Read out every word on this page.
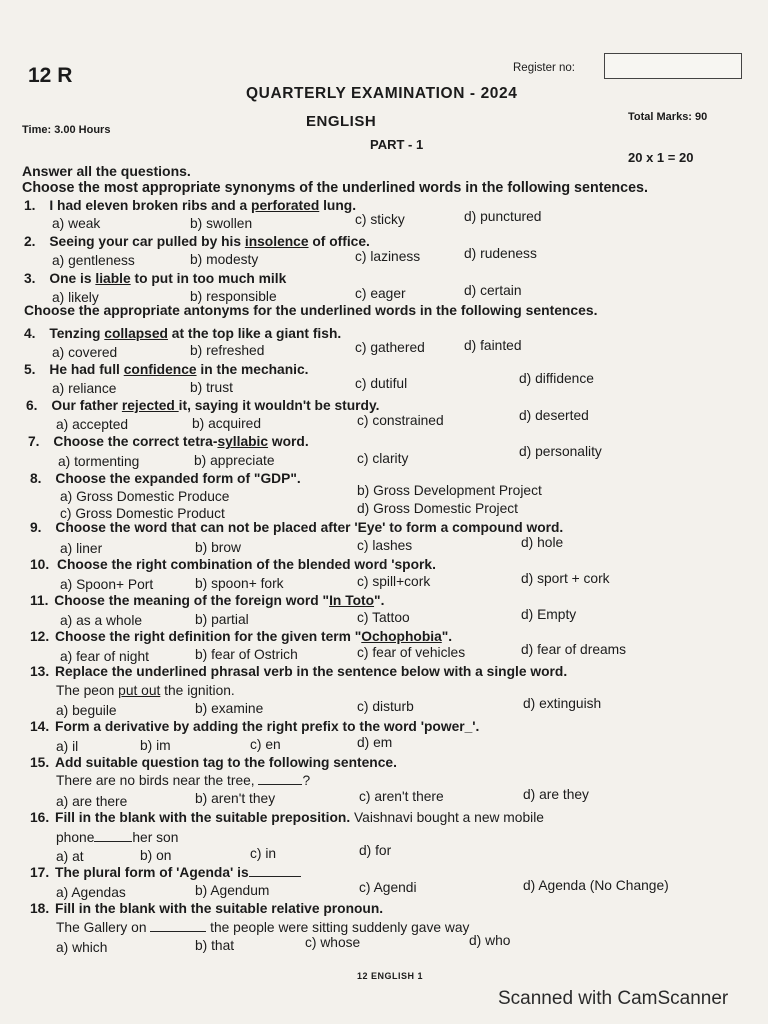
12 R	Register no:
QUARTERLY EXAMINATION - 2024
Time: 3.00 Hours	ENGLISH	Total Marks: 90
PART - 1
20 x 1 = 20
Answer all the questions.
Choose the most appropriate synonyms of the underlined words in the following sentences.
1. I had eleven broken ribs and a perforated lung.
a) weak	b) swollen	c) sticky	d) punctured
2. Seeing your car pulled by his insolence of office.
a) gentleness	b) modesty	c) laziness	d) rudeness
3. One is liable to put in too much milk
a) likely	b) responsible	c) eager	d) certain
Choose the appropriate antonyms for the underlined words in the following sentences.
4. Tenzing collapsed at the top like a giant fish.
a) covered	b) refreshed	c) gathered	d) fainted
5. He had full confidence in the mechanic.
a) reliance	b) trust	c) dutiful	d) diffidence
6. Our father rejected it, saying it wouldn't be sturdy.
a) accepted	b) acquired	c) constrained	d) deserted
7. Choose the correct tetra-syllabic word.
a) tormenting	b) appreciate	c) clarity	d) personality
8. Choose the expanded form of "GDP".
a) Gross Domestic Produce	b) Gross Development Project
c) Gross Domestic Product	d) Gross Domestic Project
9. Choose the word that can not be placed after 'Eye' to form a compound word.
a) liner	b) brow	c) lashes	d) hole
10. Choose the right combination of the blended word 'spork.
a) Spoon+ Port	b) spoon+ fork	c) spill+cork	d) sport + cork
11. Choose the meaning of the foreign word "In Toto".
a) as a whole	b) partial	c) Tattoo	d) Empty
12. Choose the right definition for the given term "Ochophobia".
a) fear of night	b) fear of Ostrich	c) fear of vehicles	d) fear of dreams
13. Replace the underlined phrasal verb in the sentence below with a single word.
The peon put out the ignition.
a) beguile	b) examine	c) disturb	d) extinguish
14. Form a derivative by adding the right prefix to the word 'power_'.
a) il	b) im	c) en	d) em
15. Add suitable question tag to the following sentence.
There are no birds near the tree,	?
a) are there	b) aren't they	c) aren't there	d) are they
16. Fill in the blank with the suitable preposition. Vaishnavi bought a new mobile
phone	her son
a) at	b) on	c) in	d) for
17. The plural form of 'Agenda' is
a) Agendas	b) Agendum	c) Agendi	d) Agenda (No Change)
18. Fill in the blank with the suitable relative pronoun.
The Gallery on	the people were sitting suddenly gave way
a) which	b) that	c) whose	d) who
12 ENGLISH 1
Scanned with CamScanner
